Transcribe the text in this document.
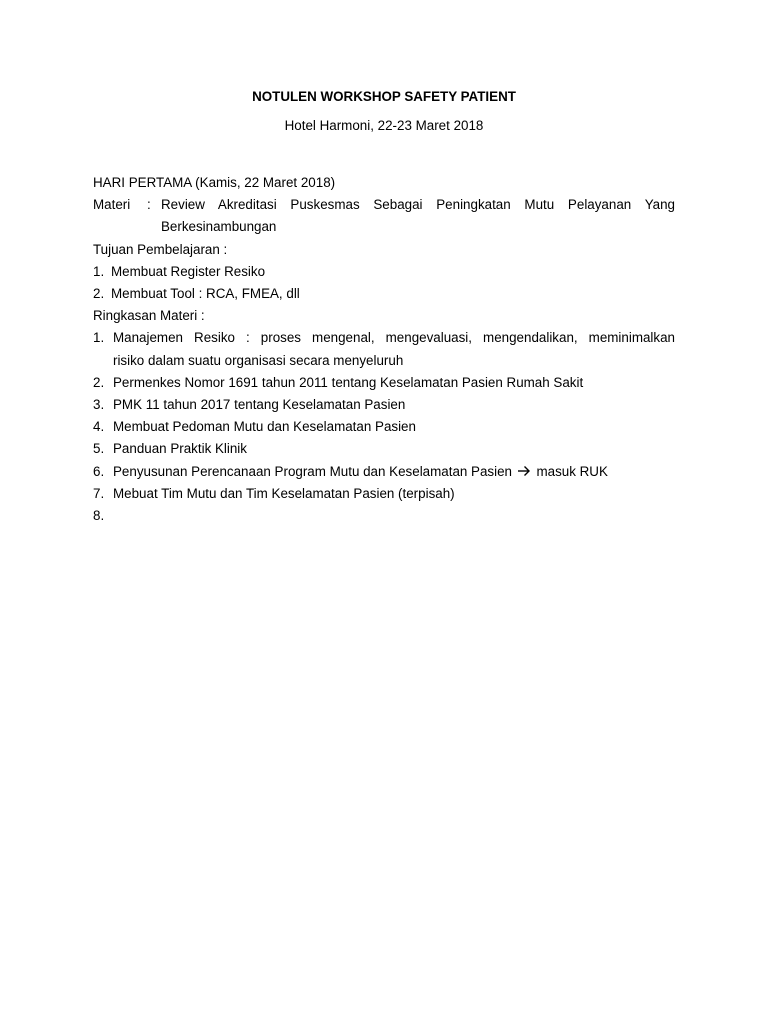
NOTULEN WORKSHOP SAFETY PATIENT
Hotel Harmoni, 22-23 Maret 2018
HARI PERTAMA (Kamis, 22 Maret 2018)
Materi	: Review Akreditasi Puskesmas Sebagai Peningkatan Mutu Pelayanan Yang
Berkesinambungan
Tujuan Pembelajaran :
1. Membuat Register Resiko
2. Membuat Tool : RCA, FMEA, dll
Ringkasan Materi :
1. Manajemen Resiko : proses mengenal, mengevaluasi, mengendalikan, meminimalkan
risiko dalam suatu organisasi secara menyeluruh
2. Permenkes Nomor 1691 tahun 2011 tentang Keselamatan Pasien Rumah Sakit
3. PMK 11 tahun 2017 tentang Keselamatan Pasien
4. Membuat Pedoman Mutu dan Keselamatan Pasien
5. Panduan Praktik Klinik
6. Penyusunan Perencanaan Program Mutu dan Keselamatan Pasien masuk RUK
7. Mebuat Tim Mutu dan Tim Keselamatan Pasien (terpisah)
8.
